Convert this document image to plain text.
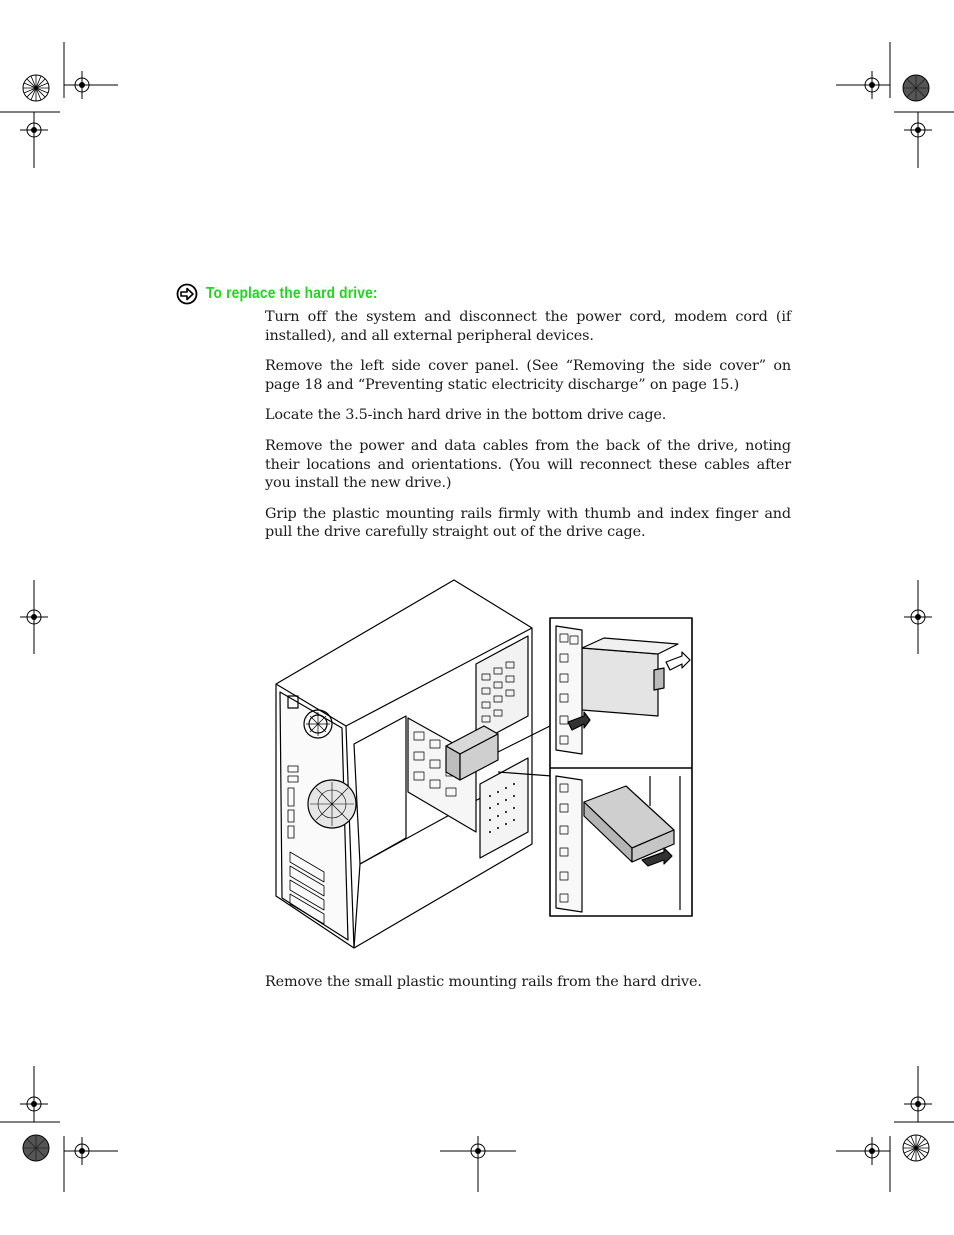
To replace the hard drive:

Turn off the system and disconnect the power cord, modem cord (if installed), and all external peripheral devices.

Remove the left side cover panel. (See “Removing the side cover” on page 18 and “Preventing static electricity discharge” on page 15.)

Locate the 3.5-inch hard drive in the bottom drive cage.

Remove the power and data cables from the back of the drive, noting their locations and orientations. (You will reconnect these cables after you install the new drive.)

Grip the plastic mounting rails firmly with thumb and index finger and pull the drive carefully straight out of the drive cage.

Remove the small plastic mounting rails from the hard drive.
